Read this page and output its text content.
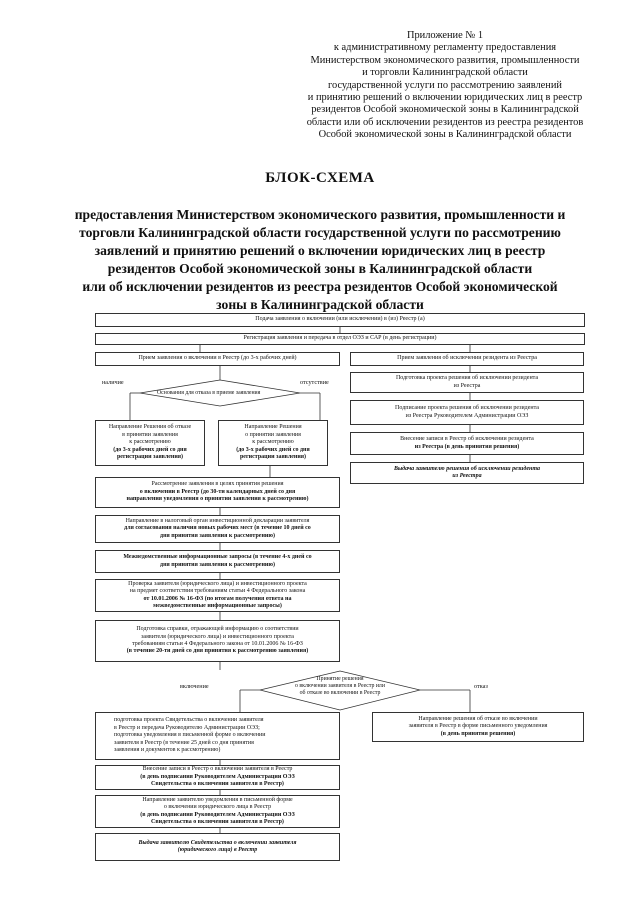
Приложение № 1
к административному регламенту предоставления
Министерством экономического развития, промышленности
и торговли Калининградской области
государственной услуги по рассмотрению заявлений
и принятию решений о включении юридических лиц в реестр
резидентов Особой экономической зоны в Калининградской
области или об исключении резидентов из реестра резидентов
Особой экономической зоны в Калининградской области
БЛОК-СХЕМА
предоставления Министерством экономического развития, промышленности и
торговли Калининградской области государственной услуги по рассмотрению
заявлений и принятию решений о включении юридических лиц в реестр
резидентов Особой экономической зоны в Калининградской области
или об исключении резидентов из реестра резидентов Особой экономической
зоны в Калининградской области
Подача заявления о включении (или исключении) в (из) Реестр (а)
Регистрация заявления и передача в отдел ОЭЗ и САР (в день регистрации)
Прием заявления о включении в Реестр (до 3-х рабочих дней)
наличие	отсутствие
Основания для отказа в приеме заявления
Направление Решения об отказе
в принятии заявления
к рассмотрению
(до 3-х рабочих дней со дня
регистрации заявления)
Направление Решения
о принятии заявления
к рассмотрению
(до 3-х рабочих дней со дня
регистрации заявления)
Рассмотрение заявления в целях принятия решения
о включении в Реестр (до 30-ти календарных дней со дня
направления уведомления о принятии заявления к рассмотрению)
Направление в налоговый орган инвестиционной декларации заявителя
для согласования наличия новых рабочих мест (в течение 10 дней со
дня принятия заявления к рассмотрению)
Межведомственные информационные запросы (в течение 4-х дней со
дня принятия заявления к рассмотрению)
Проверка заявителя (юридического лица) и инвестиционного проекта
на предмет соответствия требованиям статьи 4 Федерального закона
от 10.01.2006 № 16-ФЗ (по итогам получения ответа на
межведомственные информационные запросы)
Подготовка справки, отражающей информацию о соответствии
заявителя (юридического лица) и инвестиционного проекта
требованиям статьи 4 Федерального закона от 10.01.2006 № 16-ФЗ
(в течение 20-ти дней со дня принятия к рассмотрению заявления)
включение	отказ
Принятие решения
о включении заявителя в Реестр или
об отказе во включении в Реестр
подготовка проекта Свидетельства о включении заявителя
в Реестр и передача Руководителю Администрации ОЭЗ;
подготовка уведомления в письменной форме о включении
заявителя в Реестр (в течение 25 дней со дня принятия
заявления и документов к рассмотрению)
Направление решения об отказе во включении
заявителя в Реестр в форме письменного уведомления
(в день принятия решения)
Внесение записи в Реестр о включении заявителя в Реестр
(в день подписания Руководителем Администрации ОЭЗ
Свидетельства о включении заявителя в Реестр)
Направление заявителю уведомления в письменной форме
о включении юридического лица в Реестр
(в день подписания Руководителем Администрации ОЭЗ
Свидетельства о включении заявителя в Реестр)
Выдача заявителю Свидетельства о включении заявителя
(юридического лица) в Реестр
Прием заявления об исключении резидента из Реестра
Подготовка проекта решения об исключении резидента
из Реестра
Подписание проекта решения об исключении резидента
из Реестра Руководителем Администрации ОЭЗ
Внесение записи в Реестр об исключении резидента
из Реестра (в день принятия решения)
Выдача заявителю решения об исключении резидента
из Реестра
